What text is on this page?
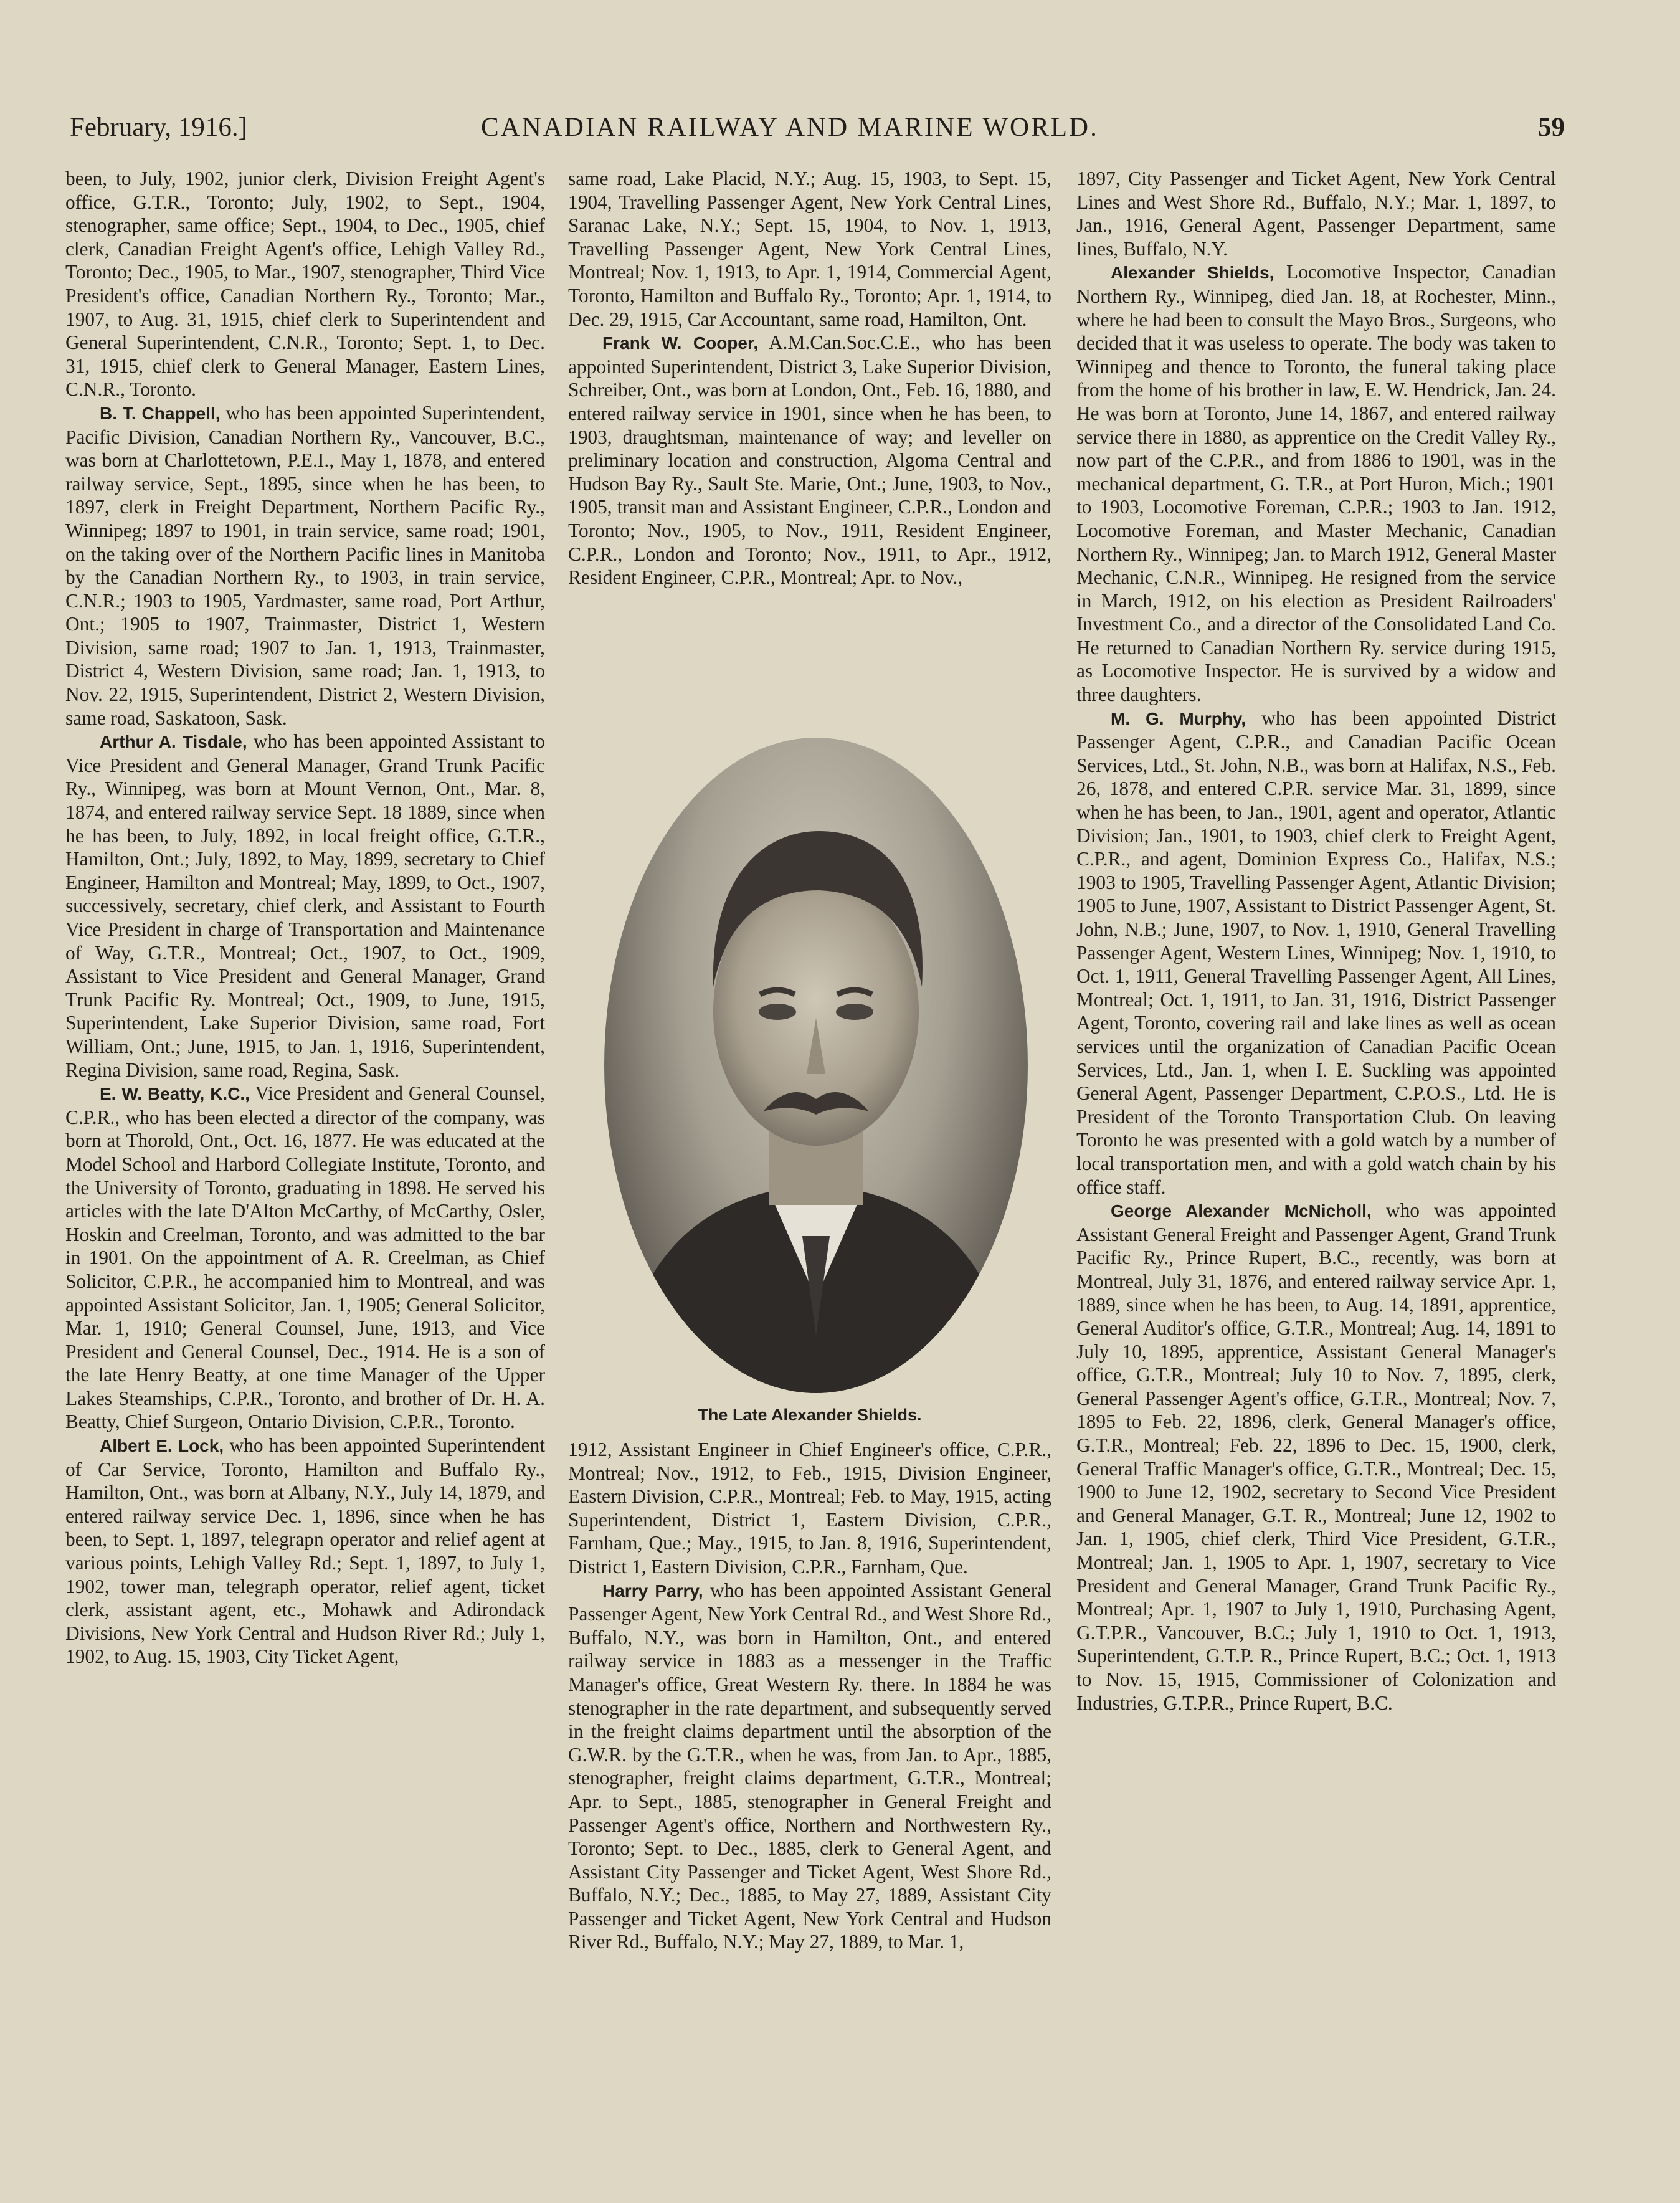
February, 1916.]	CANADIAN RAILWAY AND MARINE WORLD.	59

been, to July, 1902, junior clerk, Division Freight Agent's office, G.T.R., Toronto; July, 1902, to Sept., 1904, stenographer, same office; Sept., 1904, to Dec., 1905, chief clerk, Canadian Freight Agent's office, Lehigh Valley Rd., Toronto; Dec., 1905, to Mar., 1907, stenographer, Third Vice President's office, Canadian Northern Ry., Toronto; Mar., 1907, to Aug. 31, 1915, chief clerk to Superintendent and General Superintendent, C.N.R., Toronto; Sept. 1, to Dec. 31, 1915, chief clerk to General Manager, Eastern Lines, C.N.R., Toronto.

B. T. Chappell, who has been appointed Superintendent, Pacific Division, Canadian Northern Ry., Vancouver, B.C., was born at Charlottetown, P.E.I., May 1, 1878, and entered railway service, Sept., 1895, since when he has been, to 1897, clerk in Freight Department, Northern Pacific Ry., Winnipeg; 1897 to 1901, in train service, same road; 1901, on the taking over of the Northern Pacific lines in Manitoba by the Canadian Northern Ry., to 1903, in train service, C.N.R.; 1903 to 1905, Yardmaster, same road, Port Arthur, Ont.; 1905 to 1907, Trainmaster, District 1, Western Division, same road; 1907 to Jan. 1, 1913, Trainmaster, District 4, Western Division, same road; Jan. 1, 1913, to Nov. 22, 1915, Superintendent, District 2, Western Division, same road, Saskatoon, Sask.

Arthur A. Tisdale, who has been appointed Assistant to Vice President and General Manager, Grand Trunk Pacific Ry., Winnipeg, was born at Mount Vernon, Ont., Mar. 8, 1874, and entered railway service Sept. 18 1889, since when he has been, to July, 1892, in local freight office, G.T.R., Hamilton, Ont.; July, 1892, to May, 1899, secretary to Chief Engineer, Hamilton and Montreal; May, 1899, to Oct., 1907, successively, secretary, chief clerk, and Assistant to Fourth Vice President in charge of Transportation and Maintenance of Way, G.T.R., Montreal; Oct., 1907, to Oct., 1909, Assistant to Vice President and General Manager, Grand Trunk Pacific Ry. Montreal; Oct., 1909, to June, 1915, Superintendent, Lake Superior Division, same road, Fort William, Ont.; June, 1915, to Jan. 1, 1916, Superintendent, Regina Division, same road, Regina, Sask.

E. W. Beatty, K.C., Vice President and General Counsel, C.P.R., who has been elected a director of the company, was born at Thorold, Ont., Oct. 16, 1877. He was educated at the Model School and Harbord Collegiate Institute, Toronto, and the University of Toronto, graduating in 1898. He served his articles with the late D'Alton McCarthy, of McCarthy, Osler, Hoskin and Creelman, Toronto, and was admitted to the bar in 1901. On the appointment of A. R. Creelman, as Chief Solicitor, C.P.R., he accompanied him to Montreal, and was appointed Assistant Solicitor, Jan. 1, 1905; General Solicitor, Mar. 1, 1910; General Counsel, June, 1913, and Vice President and General Counsel, Dec., 1914. He is a son of the late Henry Beatty, at one time Manager of the Upper Lakes Steamships, C.P.R., Toronto, and brother of Dr. H. A. Beatty, Chief Surgeon, Ontario Division, C.P.R., Toronto.

Albert E. Lock, who has been appointed Superintendent of Car Service, Toronto, Hamilton and Buffalo Ry., Hamilton, Ont., was born at Albany, N.Y., July 14, 1879, and entered railway service Dec. 1, 1896, since when he has been, to Sept. 1, 1897, telegrapn operator and relief agent at various points, Lehigh Valley Rd.; Sept. 1, 1897, to July 1, 1902, tower man, telegraph operator, relief agent, ticket clerk, assistant agent, etc., Mohawk and Adirondack Divisions, New York Central and Hudson River Rd.; July 1, 1902, to Aug. 15, 1903, City Ticket Agent,

same road, Lake Placid, N.Y.; Aug. 15, 1903, to Sept. 15, 1904, Travelling Passenger Agent, New York Central Lines, Saranac Lake, N.Y.; Sept. 15, 1904, to Nov. 1, 1913, Travelling Passenger Agent, New York Central Lines, Montreal; Nov. 1, 1913, to Apr. 1, 1914, Commercial Agent, Toronto, Hamilton and Buffalo Ry., Toronto; Apr. 1, 1914, to Dec. 29, 1915, Car Accountant, same road, Hamilton, Ont.

Frank W. Cooper, A.M.Can.Soc.C.E., who has been appointed Superintendent, District 3, Lake Superior Division, Schreiber, Ont., was born at London, Ont., Feb. 16, 1880, and entered railway service in 1901, since when he has been, to 1903, draughtsman, maintenance of way; and leveller on preliminary location and construction, Algoma Central and Hudson Bay Ry., Sault Ste. Marie, Ont.; June, 1903, to Nov., 1905, transit man and Assistant Engineer, C.P.R., London and Toronto; Nov., 1905, to Nov., 1911, Resident Engineer, C.P.R., London and Toronto; Nov., 1911, to Apr., 1912, Resident Engineer, C.P.R., Montreal; Apr. to Nov.,

The Late Alexander Shields.

1912, Assistant Engineer in Chief Engineer's office, C.P.R., Montreal; Nov., 1912, to Feb., 1915, Division Engineer, Eastern Division, C.P.R., Montreal; Feb. to May, 1915, acting Superintendent, District 1, Eastern Division, C.P.R., Farnham, Que.; May., 1915, to Jan. 8, 1916, Superintendent, District 1, Eastern Division, C.P.R., Farnham, Que.

Harry Parry, who has been appointed Assistant General Passenger Agent, New York Central Rd., and West Shore Rd., Buffalo, N.Y., was born in Hamilton, Ont., and entered railway service in 1883 as a messenger in the Traffic Manager's office, Great Western Ry. there. In 1884 he was stenographer in the rate department, and subsequently served in the freight claims department until the absorption of the G.W.R. by the G.T.R., when he was, from Jan. to Apr., 1885, stenographer, freight claims department, G.T.R., Montreal; Apr. to Sept., 1885, stenographer in General Freight and Passenger Agent's office, Northern and Northwestern Ry., Toronto; Sept. to Dec., 1885, clerk to General Agent, and Assistant City Passenger and Ticket Agent, West Shore Rd., Buffalo, N.Y.; Dec., 1885, to May 27, 1889, Assistant City Passenger and Ticket Agent, New York Central and Hudson River Rd., Buffalo, N.Y.; May 27, 1889, to Mar. 1,

1897, City Passenger and Ticket Agent, New York Central Lines and West Shore Rd., Buffalo, N.Y.; Mar. 1, 1897, to Jan., 1916, General Agent, Passenger Department, same lines, Buffalo, N.Y.

Alexander Shields, Locomotive Inspector, Canadian Northern Ry., Winnipeg, died Jan. 18, at Rochester, Minn., where he had been to consult the Mayo Bros., Surgeons, who decided that it was useless to operate. The body was taken to Winnipeg and thence to Toronto, the funeral taking place from the home of his brother in law, E. W. Hendrick, Jan. 24. He was born at Toronto, June 14, 1867, and entered railway service there in 1880, as apprentice on the Credit Valley Ry., now part of the C.P.R., and from 1886 to 1901, was in the mechanical department, G. T.R., at Port Huron, Mich.; 1901 to 1903, Locomotive Foreman, C.P.R.; 1903 to Jan. 1912, Locomotive Foreman, and Master Mechanic, Canadian Northern Ry., Winnipeg; Jan. to March 1912, General Master Mechanic, C.N.R., Winnipeg. He resigned from the service in March, 1912, on his election as President Railroaders' Investment Co., and a director of the Consolidated Land Co. He returned to Canadian Northern Ry. service during 1915, as Locomotive Inspector. He is survived by a widow and three daughters.

M. G. Murphy, who has been appointed District Passenger Agent, C.P.R., and Canadian Pacific Ocean Services, Ltd., St. John, N.B., was born at Halifax, N.S., Feb. 26, 1878, and entered C.P.R. service Mar. 31, 1899, since when he has been, to Jan., 1901, agent and operator, Atlantic Division; Jan., 1901, to 1903, chief clerk to Freight Agent, C.P.R., and agent, Dominion Express Co., Halifax, N.S.; 1903 to 1905, Travelling Passenger Agent, Atlantic Division; 1905 to June, 1907, Assistant to District Passenger Agent, St. John, N.B.; June, 1907, to Nov. 1, 1910, General Travelling Passenger Agent, Western Lines, Winnipeg; Nov. 1, 1910, to Oct. 1, 1911, General Travelling Passenger Agent, All Lines, Montreal; Oct. 1, 1911, to Jan. 31, 1916, District Passenger Agent, Toronto, covering rail and lake lines as well as ocean services until the organization of Canadian Pacific Ocean Services, Ltd., Jan. 1, when I. E. Suckling was appointed General Agent, Passenger Department, C.P.O.S., Ltd. He is President of the Toronto Transportation Club. On leaving Toronto he was presented with a gold watch by a number of local transportation men, and with a gold watch chain by his office staff.

George Alexander McNicholl, who was appointed Assistant General Freight and Passenger Agent, Grand Trunk Pacific Ry., Prince Rupert, B.C., recently, was born at Montreal, July 31, 1876, and entered railway service Apr. 1, 1889, since when he has been, to Aug. 14, 1891, apprentice, General Auditor's office, G.T.R., Montreal; Aug. 14, 1891 to July 10, 1895, apprentice, Assistant General Manager's office, G.T.R., Montreal; July 10 to Nov. 7, 1895, clerk, General Passenger Agent's office, G.T.R., Montreal; Nov. 7, 1895 to Feb. 22, 1896, clerk, General Manager's office, G.T.R., Montreal; Feb. 22, 1896 to Dec. 15, 1900, clerk, General Traffic Manager's office, G.T.R., Montreal; Dec. 15, 1900 to June 12, 1902, secretary to Second Vice President and General Manager, G.T. R., Montreal; June 12, 1902 to Jan. 1, 1905, chief clerk, Third Vice President, G.T.R., Montreal; Jan. 1, 1905 to Apr. 1, 1907, secretary to Vice President and General Manager, Grand Trunk Pacific Ry., Montreal; Apr. 1, 1907 to July 1, 1910, Purchasing Agent, G.T.P.R., Vancouver, B.C.; July 1, 1910 to Oct. 1, 1913, Superintendent, G.T.P. R., Prince Rupert, B.C.; Oct. 1, 1913 to Nov. 15, 1915, Commissioner of Colonization and Industries, G.T.P.R., Prince Rupert, B.C.
